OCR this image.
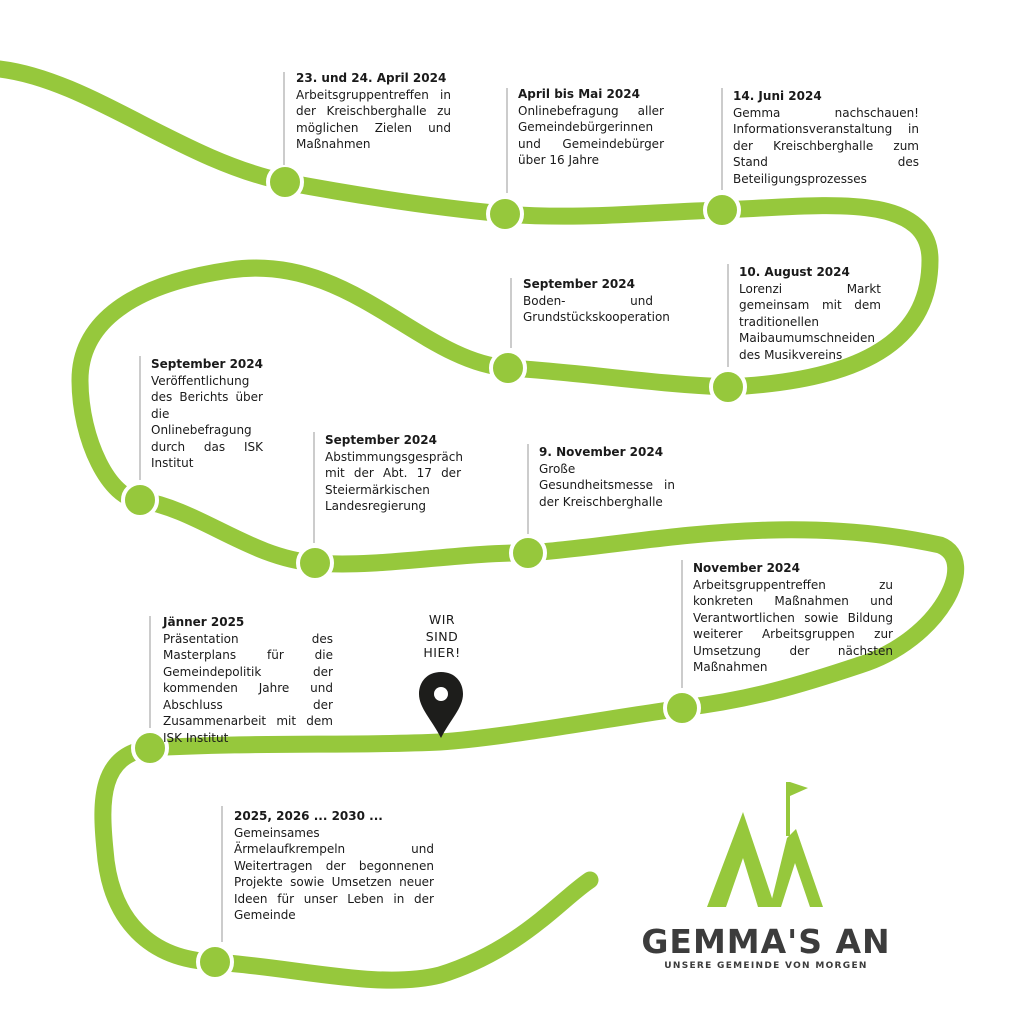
23. und 24. April 2024
Arbeitsgruppentreffen in der Kreischberghalle zu möglichen Zielen und Maßnahmen
April bis Mai 2024
Onlinebefragung aller Gemeindebürgerinnen und Gemeindebürger über 16 Jahre
14. Juni 2024
Gemma nachschauen! Informationsveranstaltung in der Kreischberghalle zum Stand des Beteiligungsprozesses
September 2024
Boden- und Grundstückskooperation
10. August 2024
Lorenzi Markt gemeinsam mit dem traditionellen Maibaumumschneiden des Musikvereins
September 2024
Veröffentlichung des Berichts über die Onlinebefragung durch das ISK Institut
September 2024
Abstimmungsgespräch mit der Abt. 17 der Steiermärkischen Landesregierung
9. November 2024
Große Gesundheitsmesse in der Kreischberghalle
November 2024
Arbeitsgruppentreffen zu konkreten Maßnahmen und Verantwortlichen sowie Bildung weiterer Arbeitsgruppen zur Umsetzung der nächsten Maßnahmen
Jänner 2025
Präsentation des Masterplans für die Gemeindepolitik der kommenden Jahre und Abschluss der Zusammenarbeit mit dem ISK Institut
2025, 2026 ... 2030 ...
Gemeinsames Ärmelaufkrempeln und Weitertragen der begonnenen Projekte sowie Umsetzen neuer Ideen für unser Leben in der Gemeinde
WIR
SIND
HIER!
GEMMA'S AN
UNSERE GEMEINDE VON MORGEN
